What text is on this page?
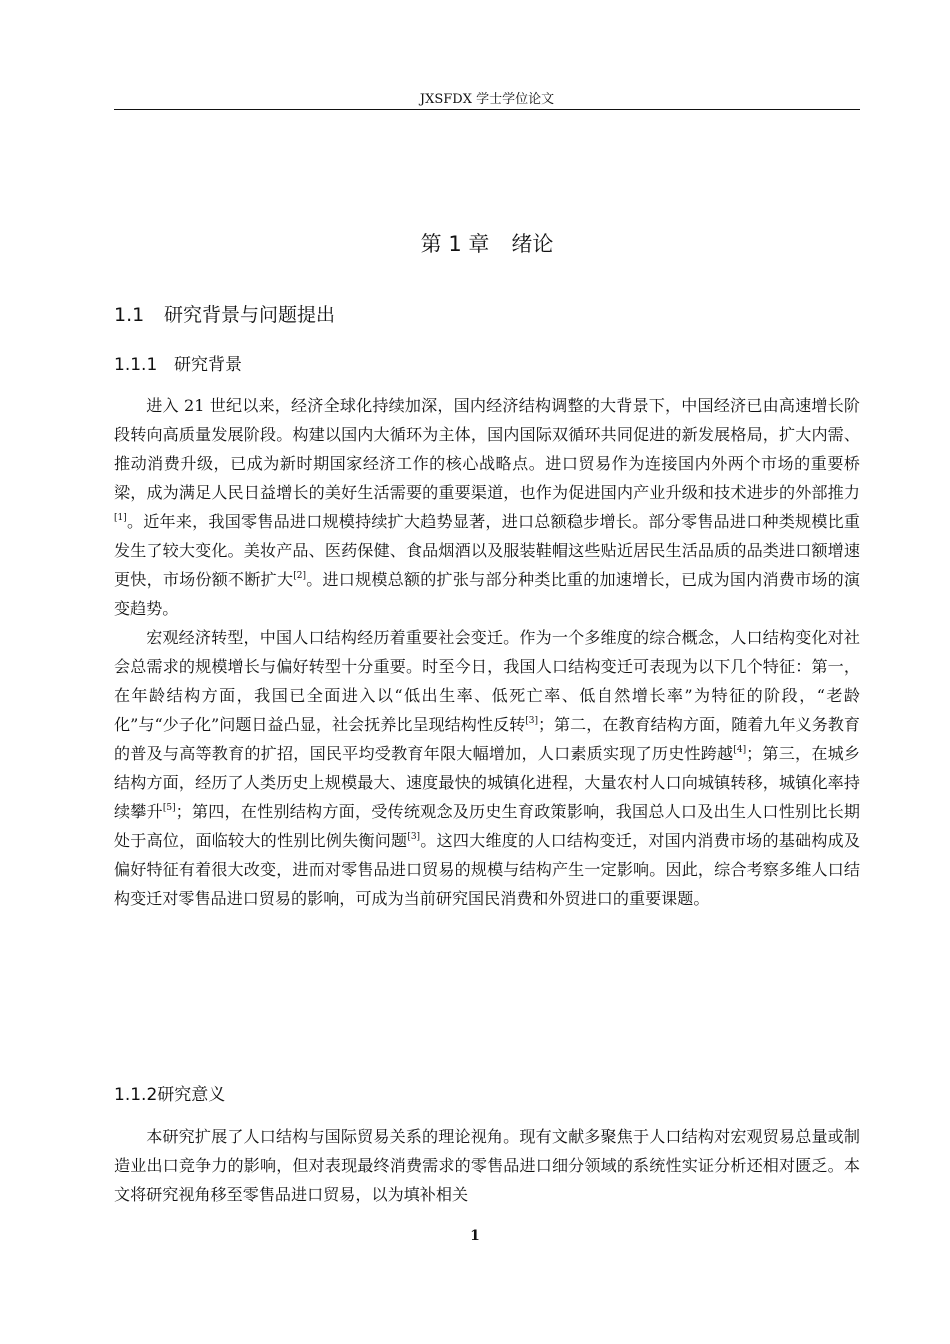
JXSFDX 学士学位论文
第 1 章 绪论
1.1 研究背景与问题提出
1.1.1 研究背景

进入 21 世纪以来，经济全球化持续加深，国内经济结构调整的大背景下，中国经济已由高速增长阶段转向高质量发展阶段。构建以国内大循环为主体，国内国际双循环共同促进的新发展格局，扩大内需、推动消费升级，已成为新时期国家经济工作的核心战略点。进口贸易作为连接国内外两个市场的重要桥梁，成为满足人民日益增长的美好生活需要的重要渠道，也作为促进国内产业升级和技术进步的外部推力[1]。近年来，我国零售品进口规模持续扩大趋势显著，进口总额稳步增长。部分零售品进口种类规模比重发生了较大变化。美妆产品、医药保健、食品烟酒以及服装鞋帽这些贴近居民生活品质的品类进口额增速更快，市场份额不断扩大[2]。进口规模总额的扩张与部分种类比重的加速增长，已成为国内消费市场的演变趋势。

宏观经济转型，中国人口结构经历着重要社会变迁。作为一个多维度的综合概念，人口结构变化对社会总需求的规模增长与偏好转型十分重要。时至今日，我国人口结构变迁可表现为以下几个特征：第一，在年龄结构方面，我国已全面进入以“低出生率、低死亡率、低自然增长率”为特征的阶段，“老龄化”与“少子化”问题日益凸显，社会抚养比呈现结构性反转[3]；第二，在教育结构方面，随着九年义务教育的普及与高等教育的扩招，国民平均受教育年限大幅增加，人口素质实现了历史性跨越[4]；第三，在城乡结构方面，经历了人类历史上规模最大、速度最快的城镇化进程，大量农村人口向城镇转移，城镇化率持续攀升[5]；第四，在性别结构方面，受传统观念及历史生育政策影响，我国总人口及出生人口性别比长期处于高位，面临较大的性别比例失衡问题[3]。这四大维度的人口结构变迁，对国内消费市场的基础构成及偏好特征有着很大改变，进而对零售品进口贸易的规模与结构产生一定影响。因此，综合考察多维人口结构变迁对零售品进口贸易的影响，可成为当前研究国民消费和外贸进口的重要课题。

1.1.2研究意义

本研究扩展了人口结构与国际贸易关系的理论视角。现有文献多聚焦于人口结构对宏观贸易总量或制造业出口竞争力的影响，但对表现最终消费需求的零售品进口细分领域的系统性实证分析还相对匮乏。本文将研究视角移至零售品进口贸易，以为填补相关

1
